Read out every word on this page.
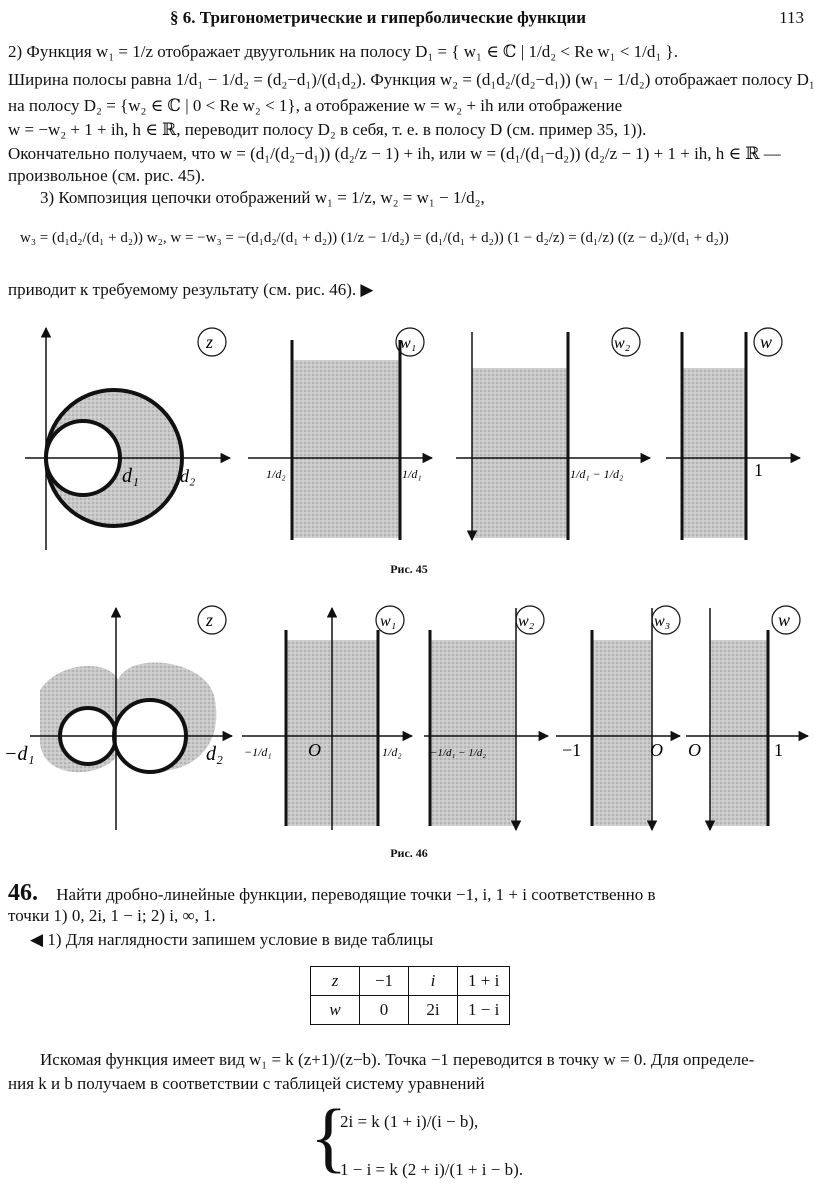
§ 6. Тригонометрические и гиперболические функции	113
2) Функция w₁ = 1/z отображает двуугольник на полосу D₁ = { w₁ ∈ ℂ | 1/d₂ < Re w₁ < 1/d₁ }.
Ширина полосы равна 1/d₁ − 1/d₂ = (d₂−d₁)/(d₁d₂). Функция w₂ = (d₁d₂/(d₂−d₁)) (w₁ − 1/d₂) отображает полосу D₁
на полосу D₂ = {w₂ ∈ ℂ | 0 < Re w₂ < 1}, а отображение w = w₂ + ih или отображение
w = −w₂ + 1 + ih, h ∈ ℝ, переводит полосу D₂ в себя, т. е. в полосу D (см. пример 35, 1)).
Окончательно получаем, что w = (d₁/(d₂−d₁)) (d₂/z − 1) + ih, или w = (d₁/(d₁−d₂)) (d₂/z − 1) + 1 + ih, h ∈ ℝ —
произвольное (см. рис. 45).
3) Композиция цепочки отображений w₁ = 1/z, w₂ = w₁ − 1/d₂,
w₃ = (d₁d₂/(d₁ + d₂)) w₂, w = −w₃ = −(d₁d₂/(d₁ + d₂)) (1/z − 1/d₂) = (d₁/(d₁ + d₂)) (1 − d₂/z) = (d₁/z) ((z − d₂)/(d₁ + d₂))
приводит к требуемому результату (см. рис. 46). ▶
z
d₁ d₂
w₁
1/d₂	1/d₁
w₂
1/d₁ − 1/d₂
w
1
Рис. 45
z
−d₁	d₂
w₁
−1/d₁ O	1/d₂
w₂
−1/d₁ − 1/d₂
w₃
−1	O
w
O	1
Рис. 46
46. Найти дробно-линейные функции, переводящие точки −1, i, 1 + i соответственно в
точки 1) 0, 2i, 1 − i; 2) i, ∞, 1.
◀ 1) Для наглядности запишем условие в виде таблицы
z	−1	i	1 + i
w	0	2i	1 − i
Искомая функция имеет вид w₁ = k (z+1)/(z−b). Точка −1 переводится в точку w = 0. Для определе-
ния k и b получаем в соответствии с таблицей систему уравнений
{
2i = k (1 + i)/(i − b),
1 − i = k (2 + i)/(1 + i − b).
